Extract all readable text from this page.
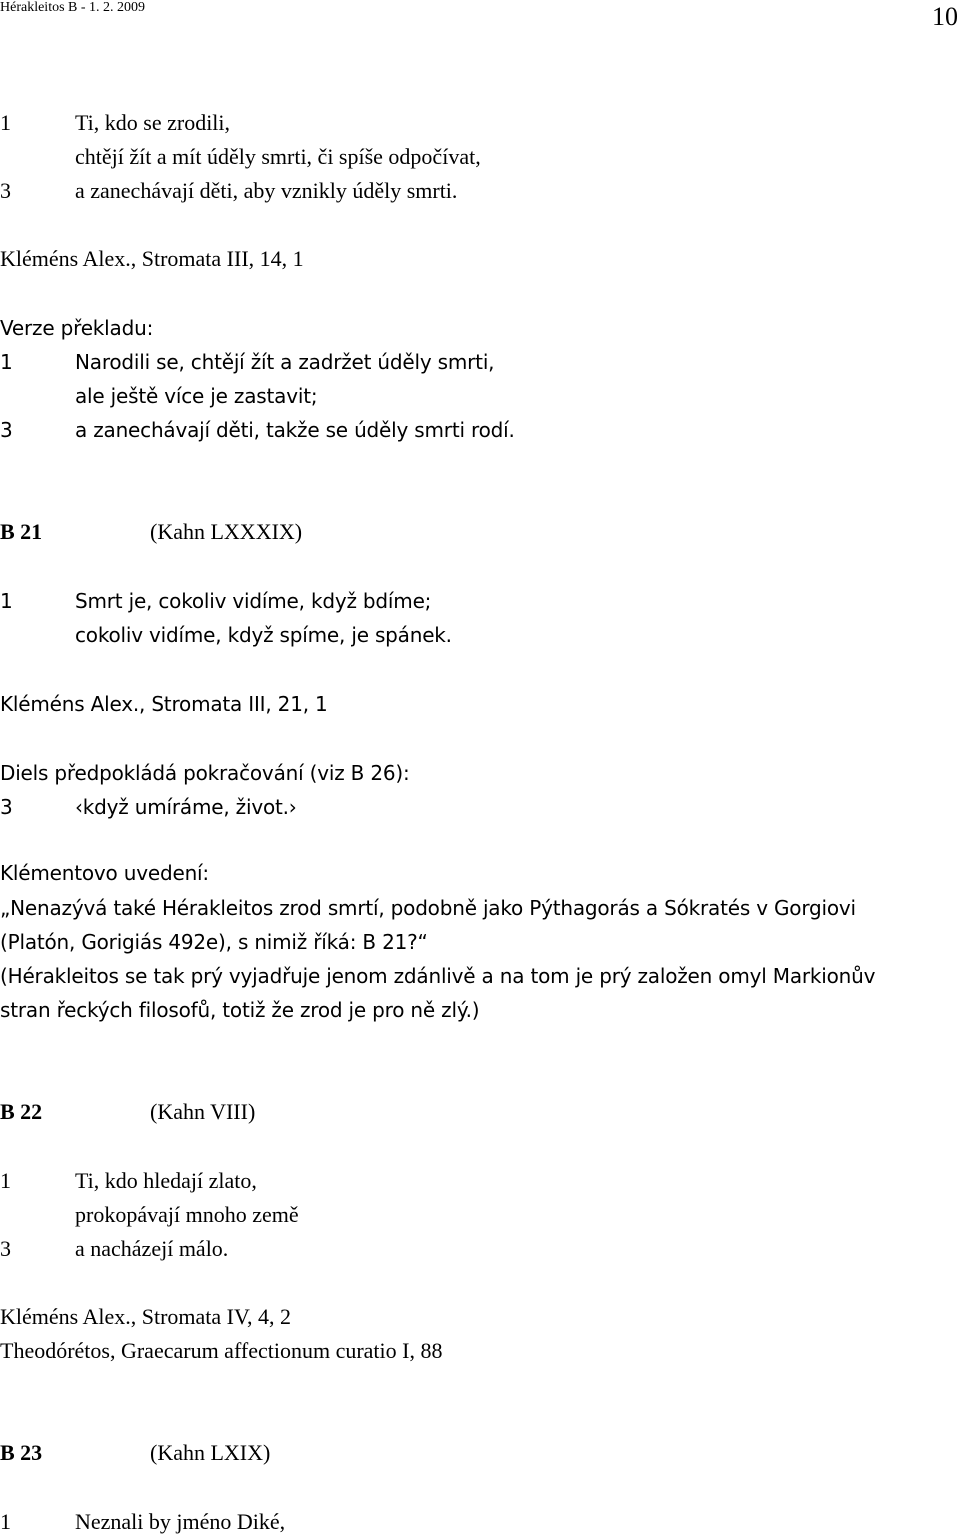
Hérakleitos B - 1. 2. 2009	10
1	Ti, kdo se zrodili,
chtějí žít a mít úděly smrti, či spíše odpočívat,
3	a zanechávají děti, aby vznikly úděly smrti.
Kléméns Alex., Stromata III, 14, 1
Verze překladu:
1	Narodili se, chtějí žít a zadržet úděly smrti,
ale ještě více je zastavit;
3	a zanechávají děti, takže se úděly smrti rodí.
B 21	(Kahn LXXXIX)
1	Smrt je, cokoliv vidíme, když bdíme;
cokoliv vidíme, když spíme, je spánek.
Kléméns Alex., Stromata III, 21, 1
Diels předpokládá pokračování (viz B 26):
3	‹když umíráme, život.›
Klémentovo uvedení:
„Nenazývá také Hérakleitos zrod smrtí, podobně jako Pýthagorás a Sókratés v Gorgiovi
(Platón, Gorigiás 492e), s nimiž říká: B 21?“
(Hérakleitos se tak prý vyjadřuje jenom zdánlivě a na tom je prý založen omyl Markionův
stran řeckých filosofů, totiž že zrod je pro ně zlý.)
B 22	(Kahn VIII)
1	Ti, kdo hledají zlato,
prokopávají mnoho země
3	a nacházejí málo.
Kléméns Alex., Stromata IV, 4, 2
Theodórétos, Graecarum affectionum curatio I, 88
B 23	(Kahn LXIX)
1	Neznali by jméno Diké,
